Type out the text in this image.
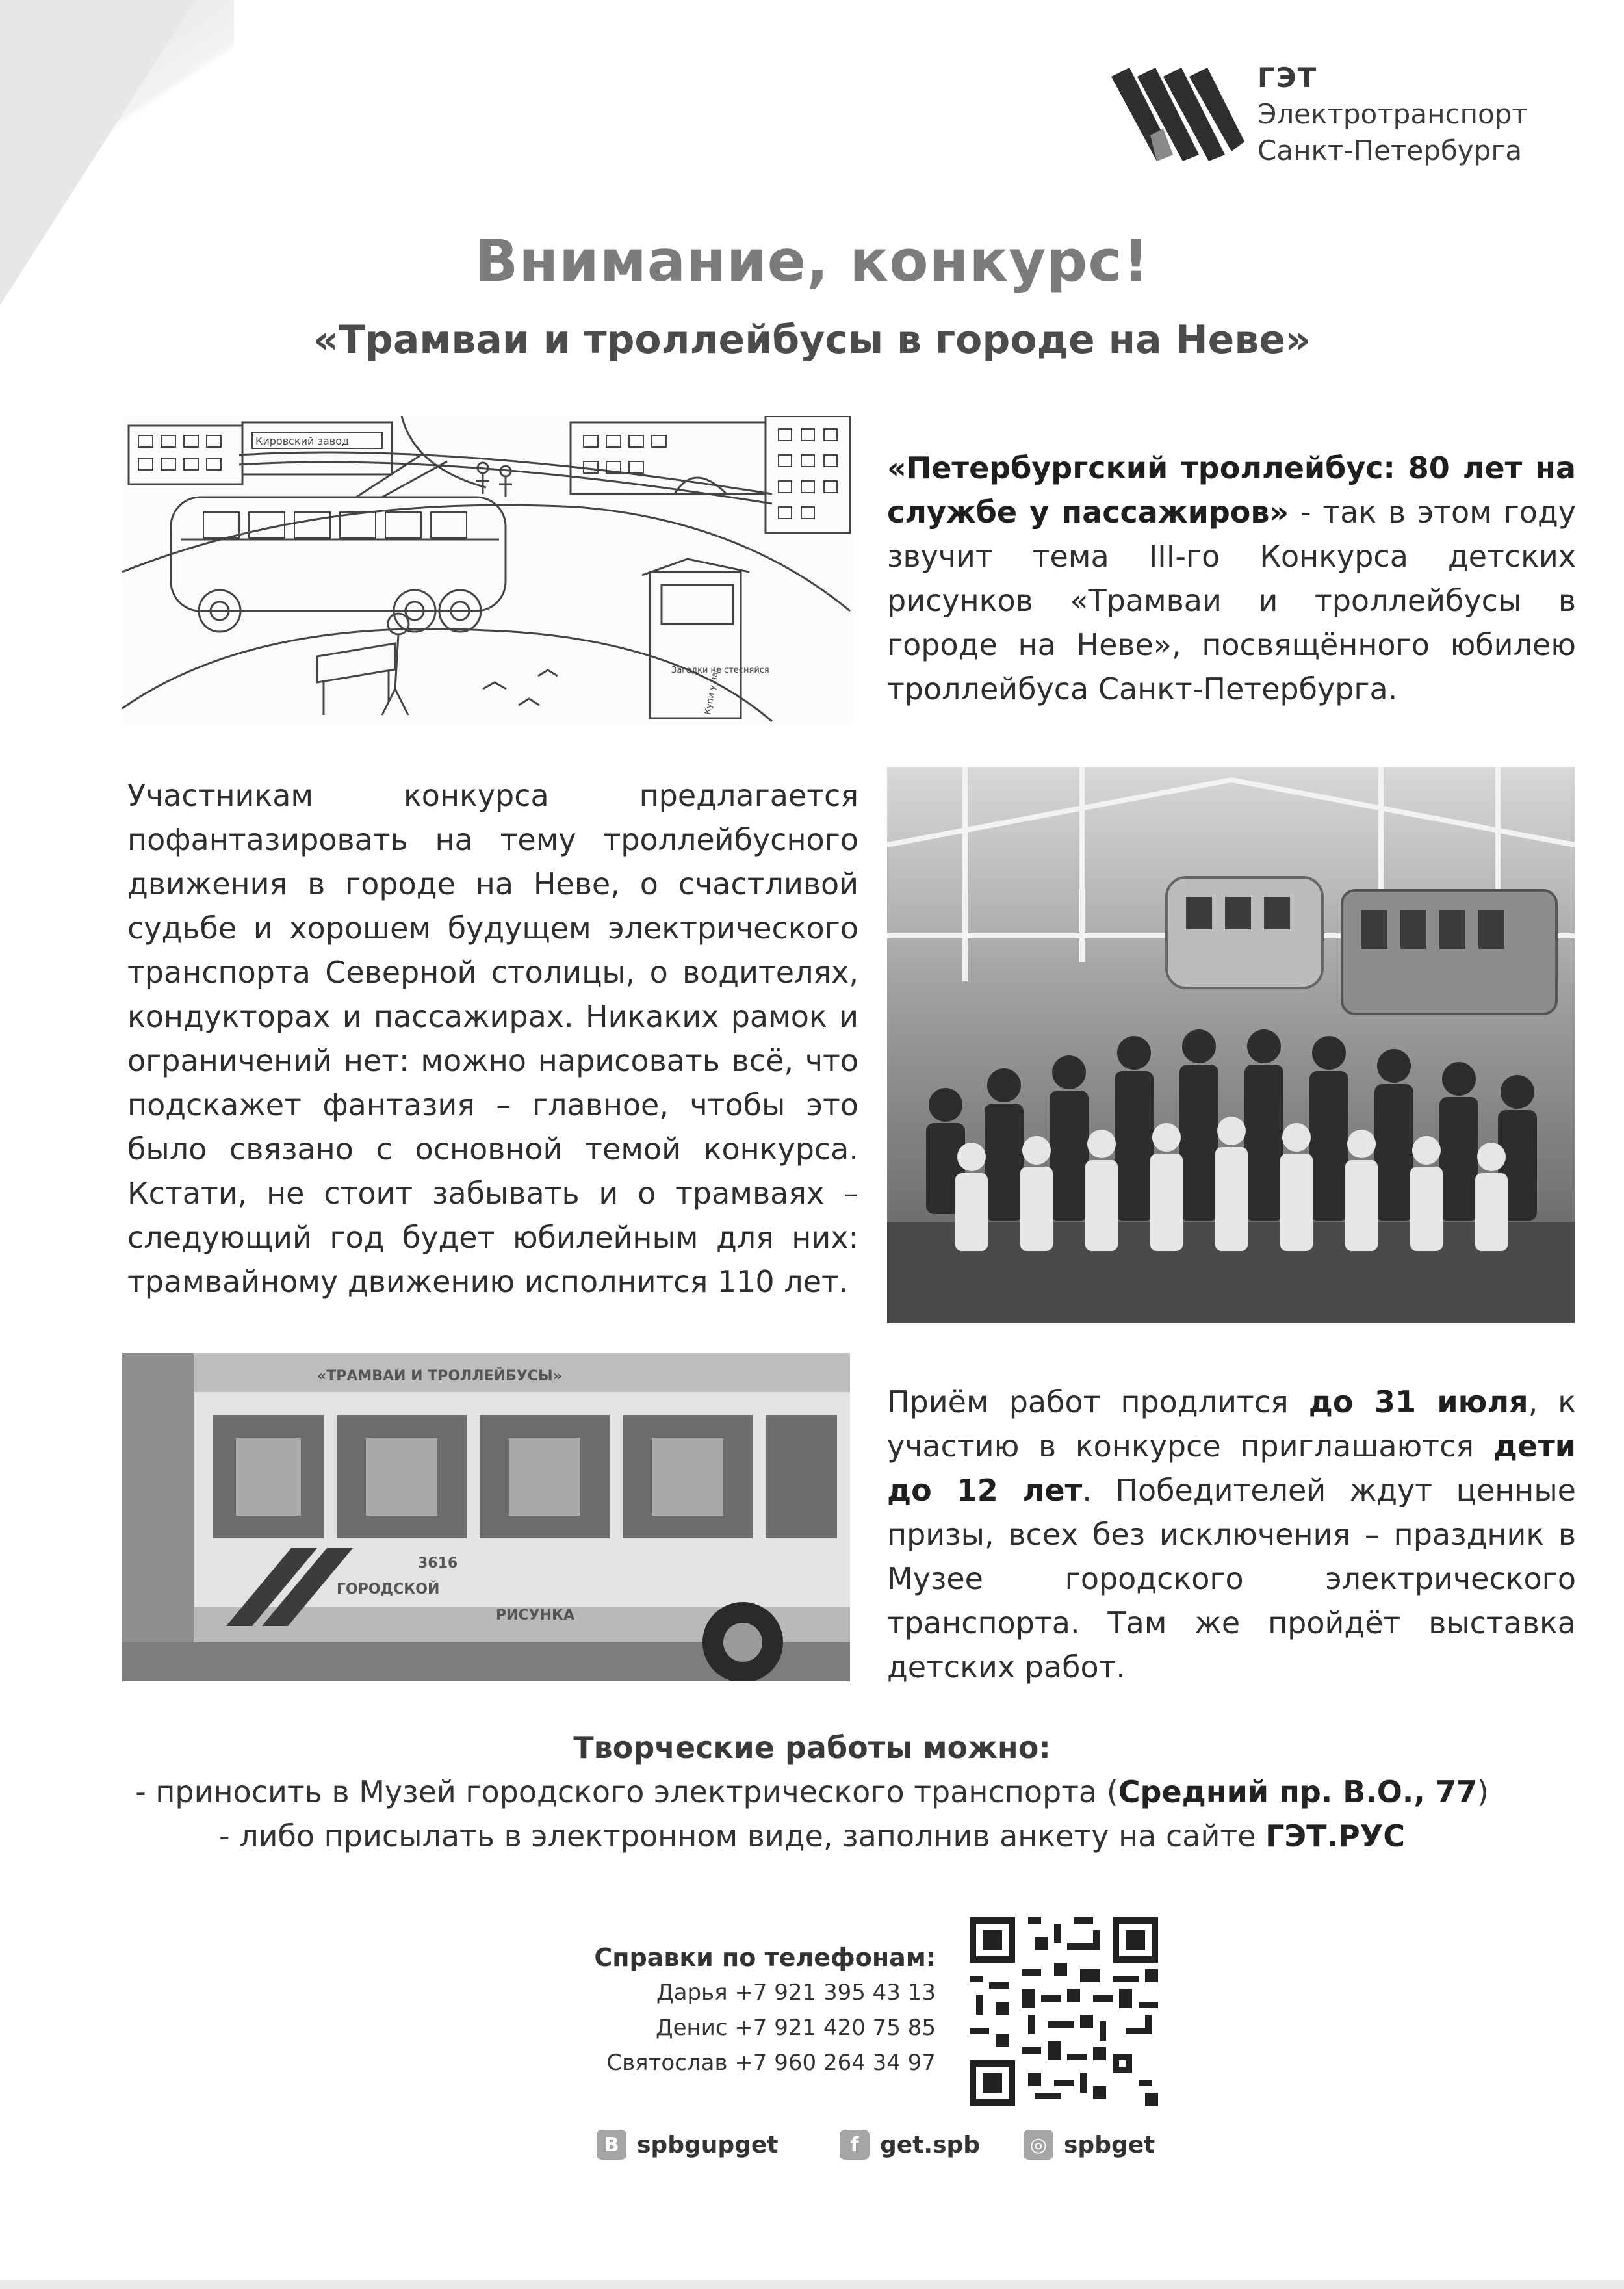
ГЭТ
Электротранспорт
Санкт-Петербурга
Внимание, конкурс!
«Трамваи и троллейбусы в городе на Неве»
Кировский завод
Загадки не стесняйся
Купи у нас
«Петербургский троллейбус: 80 лет на службе у пассажиров» - так в этом году звучит тема III-го Конкурса детских рисунков «Трамваи и троллейбусы в городе на Неве», посвящённого юбилею троллейбуса Санкт-Петербурга.
Участникам конкурса предлагается пофантазировать на тему троллейбусного движения в городе на Неве, о счастливой судьбе и хорошем будущем электрического транспорта Северной столицы, о водителях, кондукторах и пассажирах. Никаких рамок и ограничений нет: можно нарисовать всё, что подскажет фантазия – главное, чтобы это было связано с основной темой конкурса. Кстати, не стоит забывать и о трамваях – следующий год будет юбилейным для них: трамвайному движению исполнится 110 лет.
«ТРАМВАИ И ТРОЛЛЕЙБУСЫ»
3616
ГОРОДСКОЙ
РИСУНКА
Приём работ продлится до 31 июля, к участию в конкурсе приглашаются дети до 12 лет. Победителей ждут ценные призы, всех без исключения – праздник в Музее городского электрического транспорта. Там же пройдёт выставка детских работ.
Творческие работы можно:
- приносить в Музей городского электрического транспорта (Средний пр. В.О., 77)
- либо присылать в электронном виде, заполнив анкету на сайте ГЭТ.РУС
Справки по телефонам:
Дарья +7 921 395 43 13
Денис +7 921 420 75 85
Святослав +7 960 264 34 97
B spbgupget	f get.spb	◎ spbget
